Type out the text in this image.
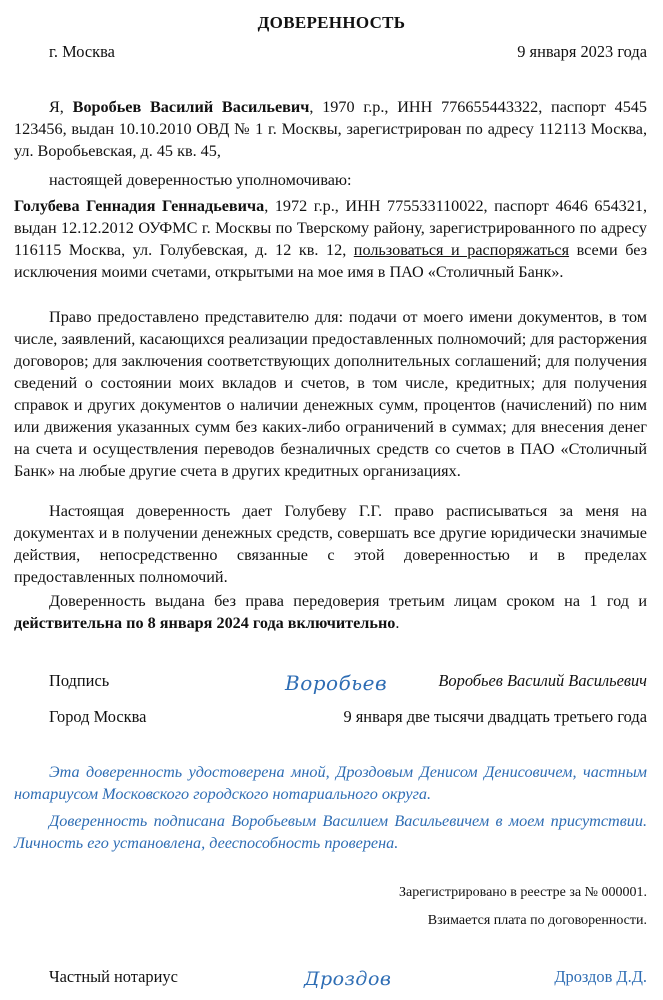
ДОВЕРЕННОСТЬ
г. Москва	9 января 2023 года
Я, Воробьев Василий Васильевич, 1970 г.р., ИНН 776655443322, паспорт 4545 123456, выдан 10.10.2010 ОВД № 1 г. Москвы, зарегистрирован по адресу 112113 Москва, ул. Воробьевская, д. 45 кв. 45,
настоящей доверенностью уполномочиваю:
Голубева Геннадия Геннадьевича, 1972 г.р., ИНН 775533110022, паспорт 4646 654321, выдан 12.12.2012 ОУФМС г. Москвы по Тверскому району, зарегистрированного по адресу 116115 Москва, ул. Голубевская, д. 12 кв. 12, пользоваться и распоряжаться всеми без исключения моими счетами, открытыми на мое имя в ПАО «Столичный Банк».
Право предоставлено представителю для: подачи от моего имени документов, в том числе, заявлений, касающихся реализации предоставленных полномочий; для расторжения договоров; для заключения соответствующих дополнительных соглашений; для получения сведений о состоянии моих вкладов и счетов, в том числе, кредитных; для получения справок и других документов о наличии денежных сумм, процентов (начислений) по ним или движения указанных сумм без каких-либо ограничений в суммах; для внесения денег на счета и осуществления переводов безналичных средств со счетов в ПАО «Столичный Банк» на любые другие счета в других кредитных организациях.
Настоящая доверенность дает Голубеву Г.Г. право расписываться за меня на документах и в получении денежных средств, совершать все другие юридически значимые действия, непосредственно связанные с этой доверенностью и в пределах предоставленных полномочий.
Доверенность выдана без права передоверия третьим лицам сроком на 1 год и действительна по 8 января 2024 года включительно.
Подпись	Воробьев	Воробьев Василий Васильевич
Город Москва	9 января две тысячи двадцать третьего года
Эта доверенность удостоверена мной, Дроздовым Денисом Денисовичем, частным нотариусом Московского городского нотариального округа.
Доверенность подписана Воробьевым Василием Васильевичем в моем присутствии. Личность его установлена, дееспособность проверена.
Зарегистрировано в реестре за № 000001.
Взимается плата по договоренности.
Частный нотариус	Дроздов	Дроздов Д.Д.
